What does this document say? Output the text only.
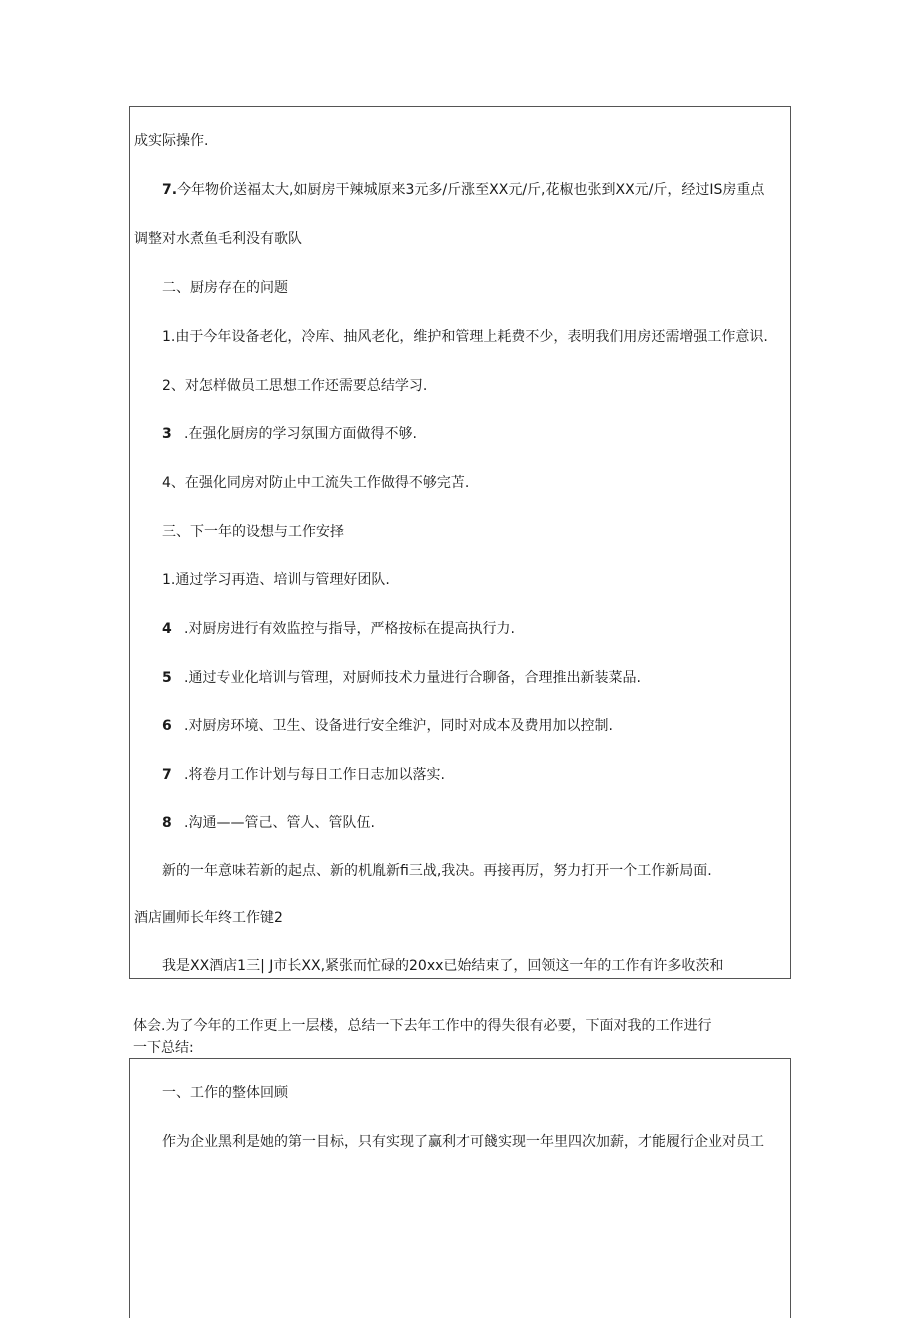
成实际操作.
7.今年物价送福太大,如厨房干辣城原来3元多/斤涨至XX元/斤,花椒也张到XX元/斤，经过IS房重点
调整对水煮鱼毛利没有歌队
二、厨房存在的问题
1.由于今年设备老化，冷库、抽风老化，维护和管理上耗费不少，表明我们用房还需增强工作意识.
2、对怎样做员工思想工作还需要总结学习.
3 .在强化厨房的学习氛围方面做得不够.
4、在强化同房对防止中工流失工作做得不够完苫.
三、下一年的设想与工作安择
1.通过学习再造、培训与管理好团队.
4 .对厨房进行有效监控与指导，严格按标在提高执行力.
5 .通过专业化培训与管理，对厨师技术力量进行合聊备，合理推出新装菜品.
6 .对厨房环境、卫生、设备进行安全维沪，同时对成本及费用加以控制.
7 .将卷月工作计划与每日工作日志加以落实.
8 .沟通——管己、管人、管队伍.
新的一年意味若新的起点、新的机胤新fi三战,我决。再接再厉，努力打开一个工作新局面.
酒店圃师长年终工作键2
我是XX酒店1三| J市长XX,紧张而忙碌的20xx已始结束了，回领这一年的工作有许多收茨和
体会.为了今年的工作更上一层楼，总结一下去年工作中的得失很有必要，下面对我的工作进行
一下总结:
一、工作的整体回顾
作为企业黑利是她的第一目标，只有实现了赢利才可餞实现一年里四次加薪，才能履行企业对员工
